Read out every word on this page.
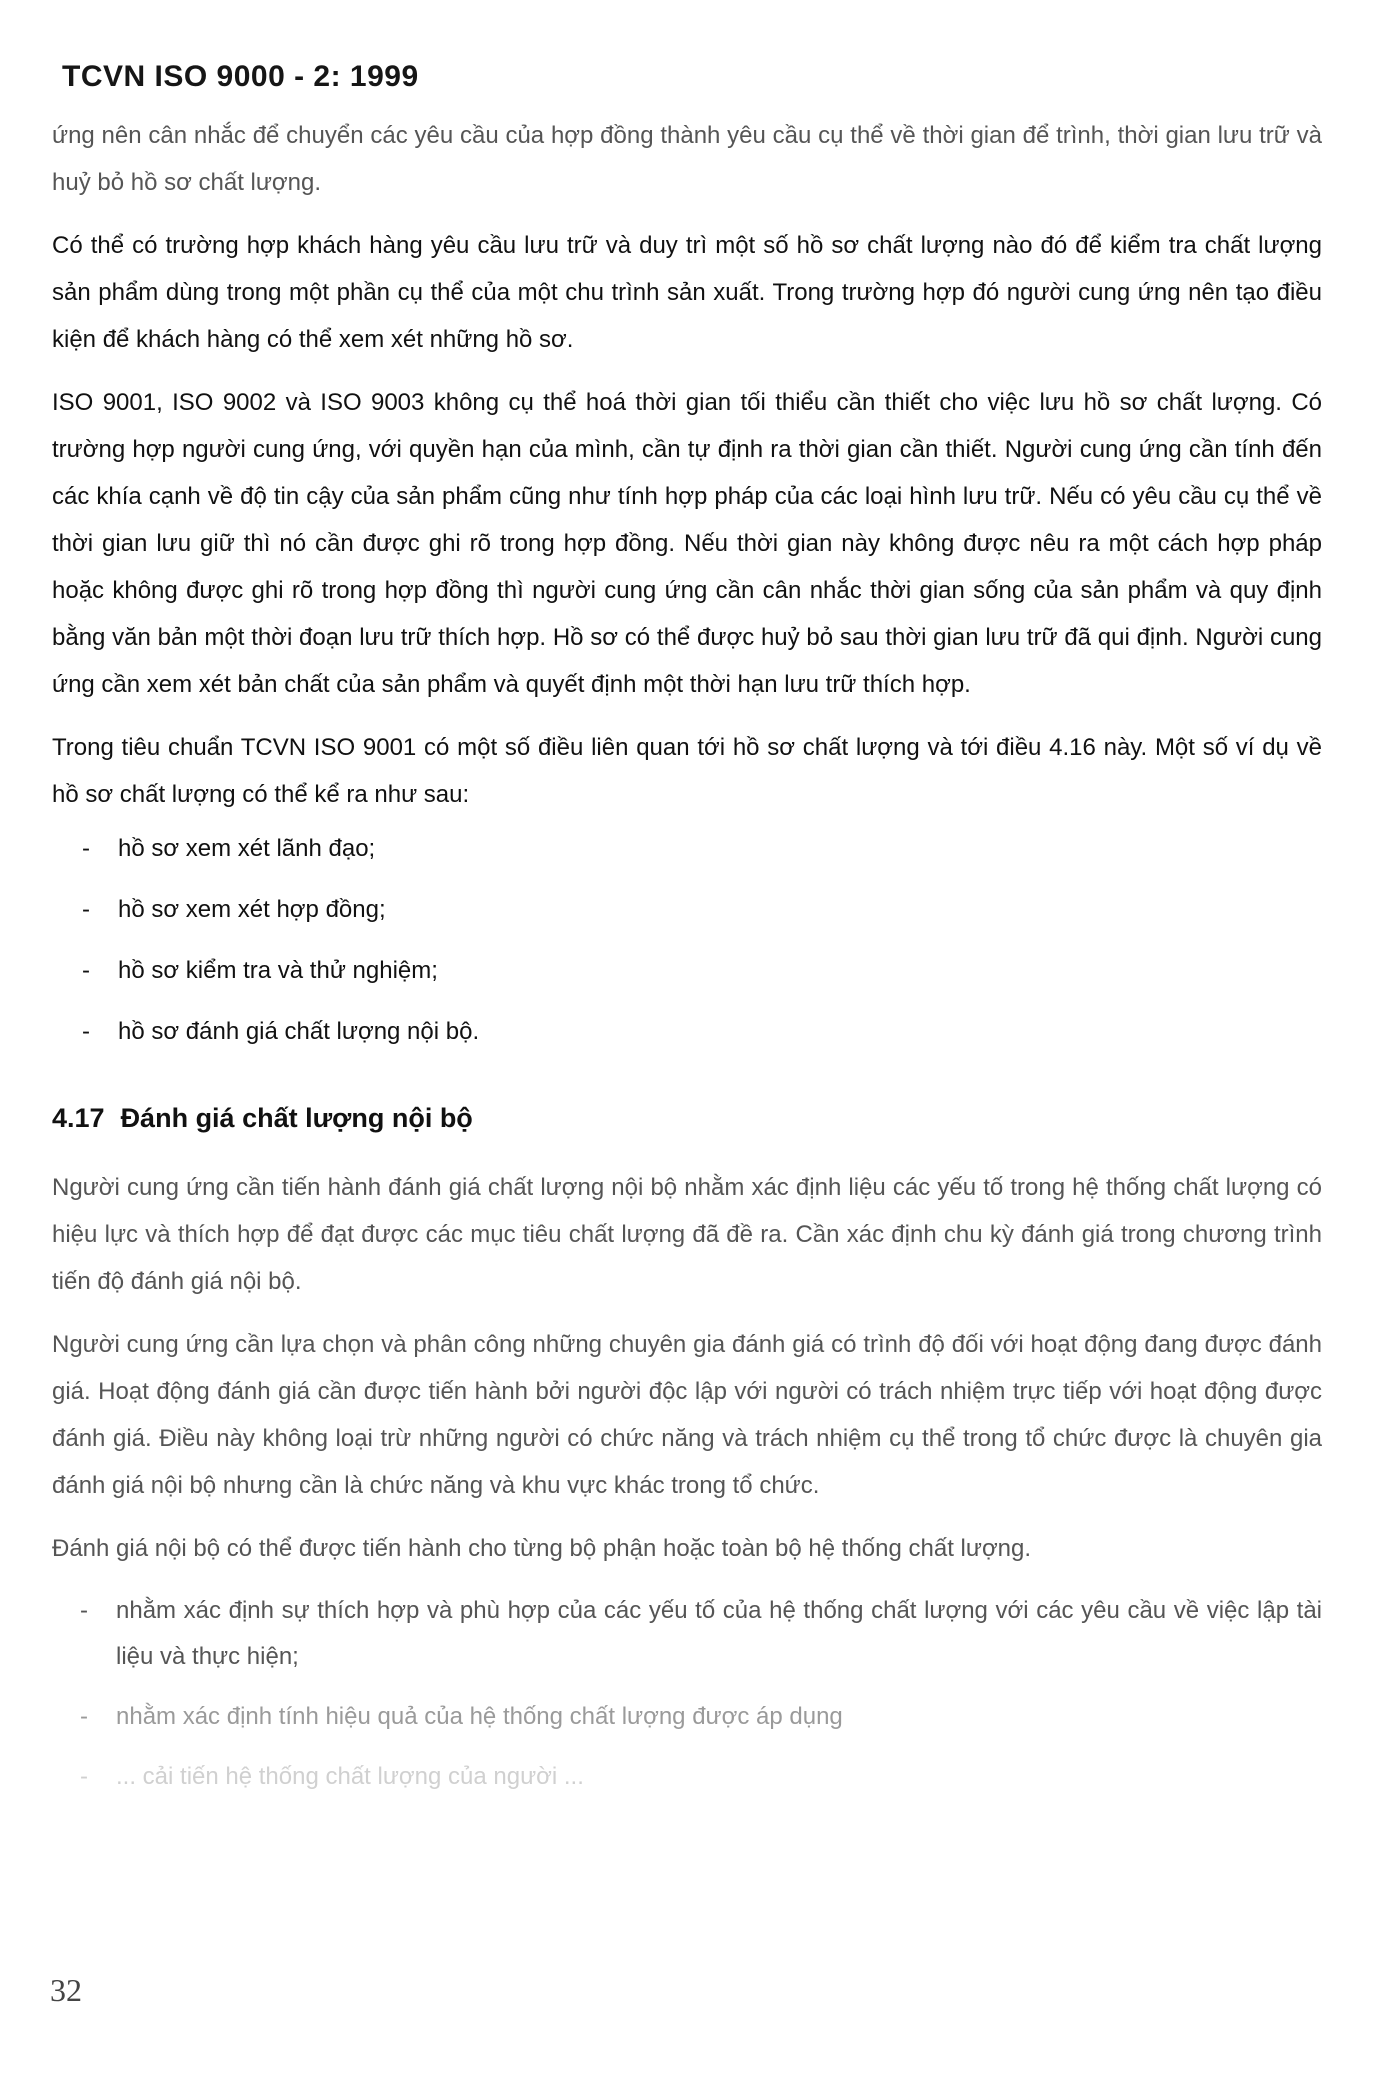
TCVN ISO 9000 - 2: 1999

ứng nên cân nhắc để chuyển các yêu cầu của hợp đồng thành yêu cầu cụ thể về thời gian để trình, thời gian lưu trữ và huỷ bỏ hồ sơ chất lượng.

Có thể có trường hợp khách hàng yêu cầu lưu trữ và duy trì một số hồ sơ chất lượng nào đó để kiểm tra chất lượng sản phẩm dùng trong một phần cụ thể của một chu trình sản xuất. Trong trường hợp đó người cung ứng nên tạo điều kiện để khách hàng có thể xem xét những hồ sơ.

ISO 9001, ISO 9002 và ISO 9003 không cụ thể hoá thời gian tối thiểu cần thiết cho việc lưu hồ sơ chất lượng. Có trường hợp người cung ứng, với quyền hạn của mình, cần tự định ra thời gian cần thiết. Người cung ứng cần tính đến các khía cạnh về độ tin cậy của sản phẩm cũng như tính hợp pháp của các loại hình lưu trữ. Nếu có yêu cầu cụ thể về thời gian lưu giữ thì nó cần được ghi rõ trong hợp đồng. Nếu thời gian này không được nêu ra một cách hợp pháp hoặc không được ghi rõ trong hợp đồng thì người cung ứng cần cân nhắc thời gian sống của sản phẩm và quy định bằng văn bản một thời đoạn lưu trữ thích hợp. Hồ sơ có thể được huỷ bỏ sau thời gian lưu trữ đã qui định. Người cung ứng cần xem xét bản chất của sản phẩm và quyết định một thời hạn lưu trữ thích hợp.

Trong tiêu chuẩn TCVN ISO 9001 có một số điều liên quan tới hồ sơ chất lượng và tới điều 4.16 này. Một số ví dụ về hồ sơ chất lượng có thể kể ra như sau:

-	hồ sơ xem xét lãnh đạo;
-	hồ sơ xem xét hợp đồng;
-	hồ sơ kiểm tra và thử nghiệm;
-	hồ sơ đánh giá chất lượng nội bộ.
4.17 Đánh giá chất lượng nội bộ

Người cung ứng cần tiến hành đánh giá chất lượng nội bộ nhằm xác định liệu các yếu tố trong hệ thống chất lượng có hiệu lực và thích hợp để đạt được các mục tiêu chất lượng đã đề ra. Cần xác định chu kỳ đánh giá trong chương trình tiến độ đánh giá nội bộ.

Người cung ứng cần lựa chọn và phân công những chuyên gia đánh giá có trình độ đối với hoạt động đang được đánh giá. Hoạt động đánh giá cần được tiến hành bởi người độc lập với người có trách nhiệm trực tiếp với hoạt động được đánh giá. Điều này không loại trừ những người có chức năng và trách nhiệm cụ thể trong tổ chức được là chuyên gia đánh giá nội bộ nhưng cần là chức năng và khu vực khác trong tổ chức.

Đánh giá nội bộ có thể được tiến hành cho từng bộ phận hoặc toàn bộ hệ thống chất lượng.

-	nhằm xác định sự thích hợp và phù hợp của các yếu tố của hệ thống chất lượng với các yêu cầu về việc lập tài liệu và thực hiện;
-	nhằm xác định tính hiệu quả của hệ thống chất lượng được áp dụng
-	... cải tiến hệ thống chất lượng của người ...
32
